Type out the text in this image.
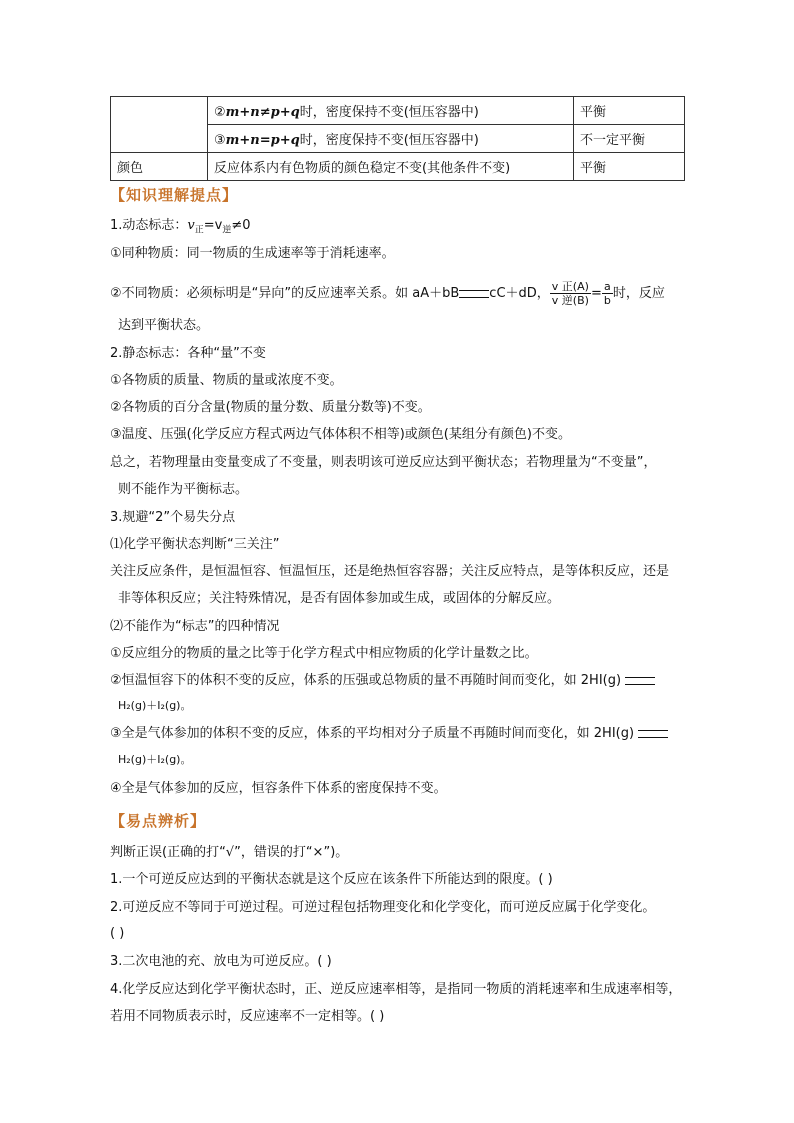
	②m+n≠p+q时，密度保持不变(恒压容器中)	平衡
	③m+n=p+q时，密度保持不变(恒压容器中)	不一定平衡
颜色	反应体系内有色物质的颜色稳定不变(其他条件不变)	平衡
【知识理解提点】
1.动态标志：$v_正=v_逆\ne 0$
①同种物质：同一物质的生成速率等于消耗速率。
②不同物质：必须标明是“异向”的反应速率关系。如 aA＋bB cC＋dD， $\frac{\text{v 正(A)}}{\text{v 逆(B)}} = \frac{a}{b}$ 时，反应
达到平衡状态。
2.静态标志：各种“量”不变
①各物质的质量、物质的量或浓度不变。
②各物质的百分含量(物质的量分数、质量分数等)不变。
③温度、压强(化学反应方程式两边气体体积不相等)或颜色(某组分有颜色)不变。
总之，若物理量由变量变成了不变量，则表明该可逆反应达到平衡状态；若物理量为“不变量”，
则不能作为平衡标志。
3.规避“2”个易失分点
⑴化学平衡状态判断“三关注”
关注反应条件，是恒温恒容、恒温恒压，还是绝热恒容容器；关注反应特点，是等体积反应，还是
非等体积反应；关注特殊情况，是否有固体参加或生成，或固体的分解反应。
⑵不能作为“标志”的四种情况
①反应组分的物质的量之比等于化学方程式中相应物质的化学计量数之比。
②恒温恒容下的体积不变的反应，体系的压强或总物质的量不再随时间而变化，如 2HI(g)
H₂(g)＋I₂(g)。
③全是气体参加的体积不变的反应，体系的平均相对分子质量不再随时间而变化，如 2HI(g)
H₂(g)＋I₂(g)。
④全是气体参加的反应，恒容条件下体系的密度保持不变。
【易点辨析】
判断正误(正确的打“√”，错误的打“×”)。
1.一个可逆反应达到的平衡状态就是这个反应在该条件下所能达到的限度。( )
2.可逆反应不等同于可逆过程。可逆过程包括物理变化和化学变化，而可逆反应属于化学变化。
( )
3.二次电池的充、放电为可逆反应。( )
4.化学反应达到化学平衡状态时，正、逆反应速率相等，是指同一物质的消耗速率和生成速率相等，
若用不同物质表示时，反应速率不一定相等。( )
